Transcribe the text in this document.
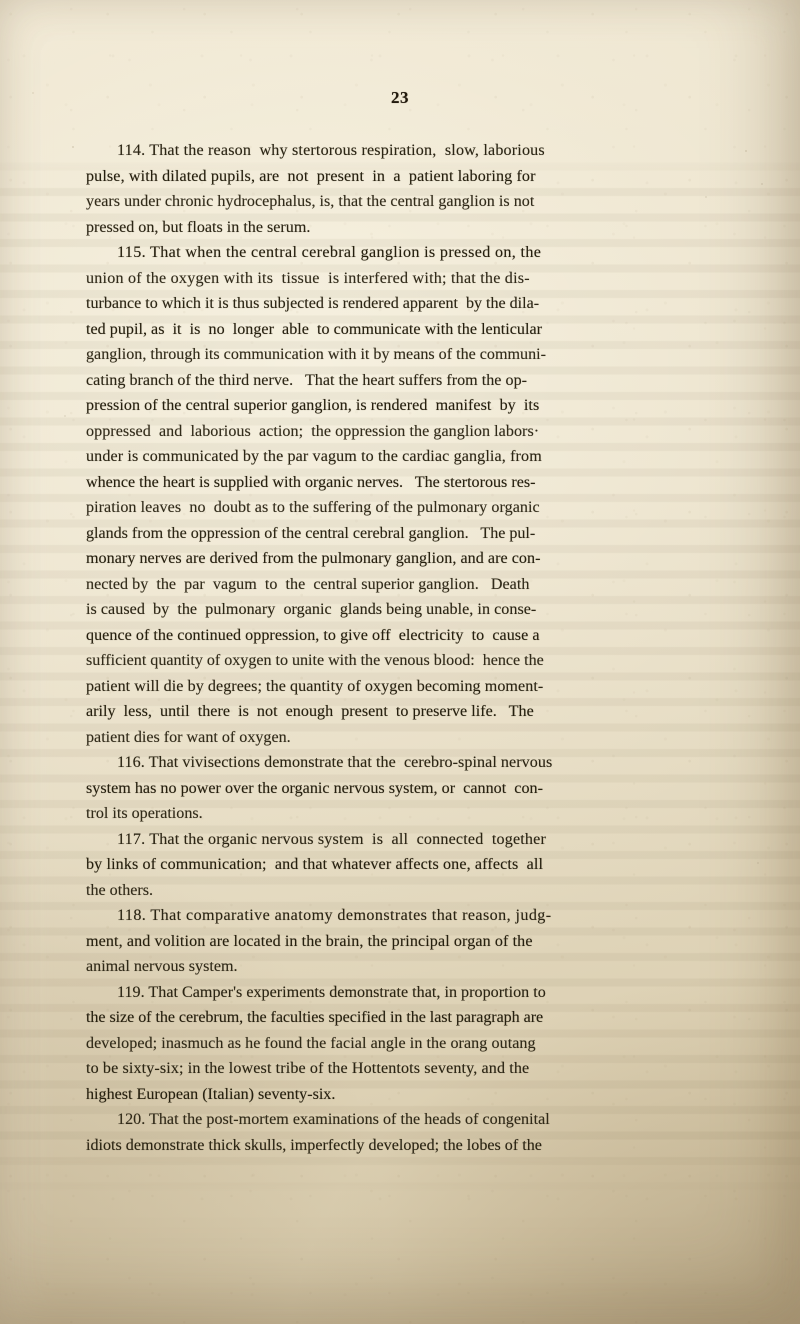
23
114. That the reason  why stertorous respiration,  slow, laborious
pulse, with dilated pupils, are  not  present  in  a  patient laboring for
years under chronic hydrocephalus, is, that the central ganglion is not
pressed on, but floats in the serum.
115. That when the central cerebral ganglion is pressed on, the
union of the oxygen with its  tissue  is interfered with; that the dis-
turbance to which it is thus subjected is rendered apparent  by the dila-
ted pupil, as  it  is  no  longer  able  to communicate with the lenticular
ganglion, through its communication with it by means of the communi-
cating branch of the third nerve.   That the heart suffers from the op-
pression of the central superior ganglion, is rendered  manifest  by  its
oppressed  and  laborious  action;  the oppression the ganglion labors·
under is communicated by the par vagum to the cardiac ganglia, from
whence the heart is supplied with organic nerves.   The stertorous res-
piration leaves  no  doubt as to the suffering of the pulmonary organic
glands from the oppression of the central cerebral ganglion.   The pul-
monary nerves are derived from the pulmonary ganglion, and are con-
nected by  the  par  vagum  to  the  central superior ganglion.   Death
is caused  by  the  pulmonary  organic  glands being unable, in conse-
quence of the continued oppression, to give off  electricity  to  cause a
sufficient quantity of oxygen to unite with the venous blood:  hence the
patient will die by degrees; the quantity of oxygen becoming moment-
arily  less,  until  there  is  not  enough  present  to preserve life.   The
patient dies for want of oxygen.
116. That vivisections demonstrate that the  cerebro-spinal nervous
system has no power over the organic nervous system, or  cannot  con-
trol its operations.
117. That the organic nervous system  is  all  connected  together
by links of communication;  and that whatever affects one, affects  all
the others.
118. That comparative anatomy demonstrates that reason, judg-
ment, and volition are located in the brain, the principal organ of the
animal nervous system.
119. That Camper's experiments demonstrate that, in proportion to
the size of the cerebrum, the faculties specified in the last paragraph are
developed; inasmuch as he found the facial angle in the orang outang
to be sixty-six; in the lowest tribe of the Hottentots seventy, and the
highest European (Italian) seventy-six.
120. That the post-mortem examinations of the heads of congenital
idiots demonstrate thick skulls, imperfectly developed; the lobes of the
